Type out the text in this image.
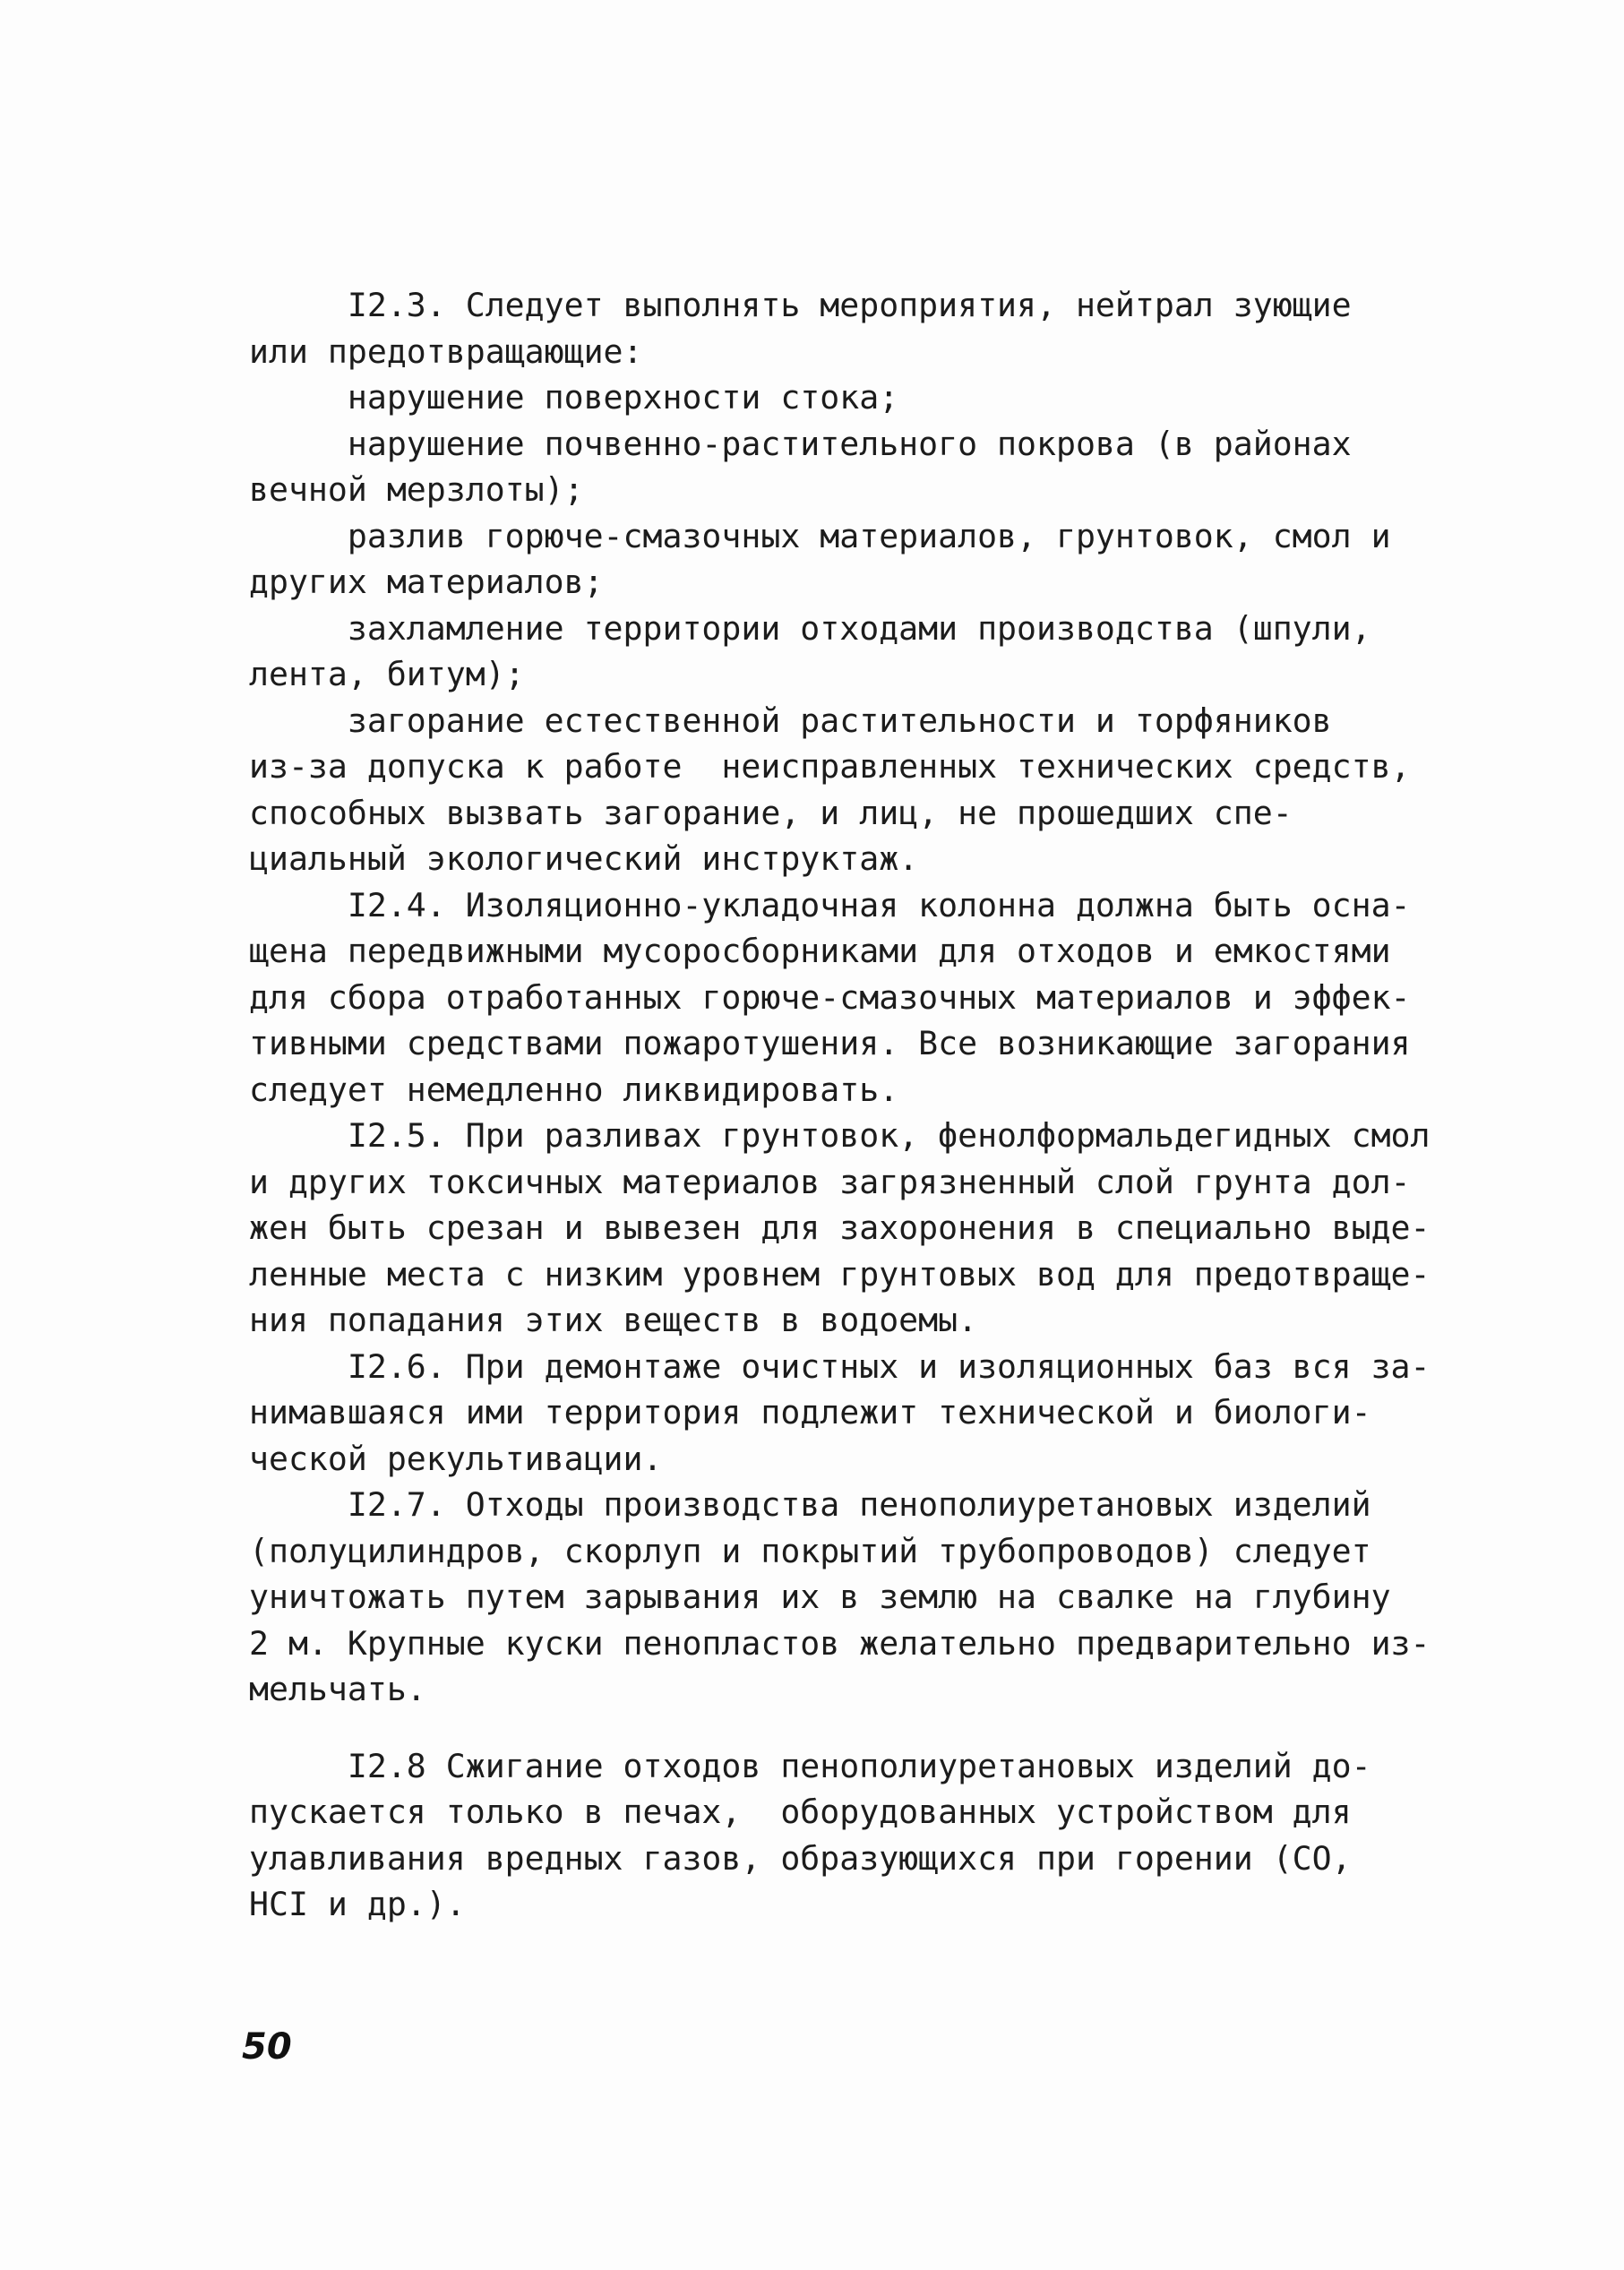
I2.3. Следует выполнять мероприятия, нейтрал зующие
или предотвращающие:
нарушение поверхности стока;
нарушение почвенно-растительного покрова (в районах
вечной мерзлоты);
разлив горюче-смазочных материалов, грунтовок, смол и
других материалов;
захламление территории отходами производства (шпули,
лента, битум);
загорание естественной растительности и торфяников
из-за допуска к работе  неисправленных технических средств,
способных вызвать загорание, и лиц, не прошедших спе-
циальный экологический инструктаж.
I2.4. Изоляционно-укладочная колонна должна быть осна-
щена передвижными мусоросборниками для отходов и емкостями
для сбора отработанных горюче-смазочных материалов и эффек-
тивными средствами пожаротушения. Все возникающие загорания
следует немедленно ликвидировать.
I2.5. При разливах грунтовок, фенолформальдегидных смол
и других токсичных материалов загрязненный слой грунта дол-
жен быть срезан и вывезен для захоронения в специально выде-
ленные места с низким уровнем грунтовых вод для предотвраще-
ния попадания этих веществ в водоемы.
I2.6. При демонтаже очистных и изоляционных баз вся за-
нимавшаяся ими территория подлежит технической и биологи-
ческой рекультивации.
I2.7. Отходы производства пенополиуретановых изделий
(полуцилиндров, скорлуп и покрытий трубопроводов) следует
уничтожать путем зарывания их в землю на свалке на глубину
2 м. Крупные куски пенопластов желательно предварительно из-
мельчать.
I2.8 Сжигание отходов пенополиуретановых изделий до-
пускается только в печах,  оборудованных устройством для
улавливания вредных газов, образующихся при горении (СО,
НСI и др.).
50
